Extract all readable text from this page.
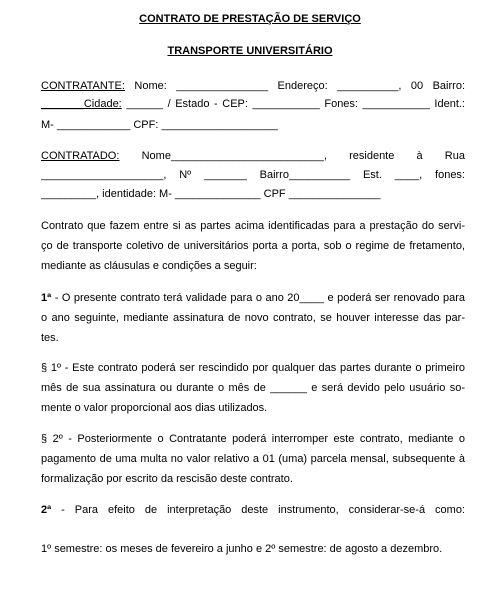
CONTRATO DE PRESTAÇÃO DE SERVIÇO
TRANSPORTE UNIVERSITÁRIO
CONTRATANTE: Nome: _______________ Endereço: __________, 00 Bairro:
_______Cidade: ______ / Estado - CEP: ___________ Fones: ___________ Ident.:
M- ____________ CPF: ___________________
CONTRATADO: Nome_________________________, residente à Rua
____________________, Nº _______ Bairro__________ Est. ____, fones:
_________, identidade: M- ______________ CPF _______________
Contrato que fazem entre si as partes acima identificadas para a prestação do servi-
ço de transporte coletivo de universitários porta a porta, sob o regime de fretamento,
mediante as cláusulas e condições a seguir:
1ª - O presente contrato terá validade para o ano 20____ e poderá ser renovado para
o ano seguinte, mediante assinatura de novo contrato, se houver interesse das par-
tes.
§ 1º - Este contrato poderá ser rescindido por qualquer das partes durante o primeiro
mês de sua assinatura ou durante o mês de ______ e será devido pelo usuário so-
mente o valor proporcional aos dias utilizados.
§ 2º - Posteriormente o Contratante poderá interromper este contrato, mediante o
pagamento de uma multa no valor relativo a 01 (uma) parcela mensal, subsequente à
formalização por escrito da rescisão deste contrato.
2ª - Para efeito de interpretação deste instrumento, considerar-se-á como:
1º semestre: os meses de fevereiro a junho e 2º semestre: de agosto a dezembro.
